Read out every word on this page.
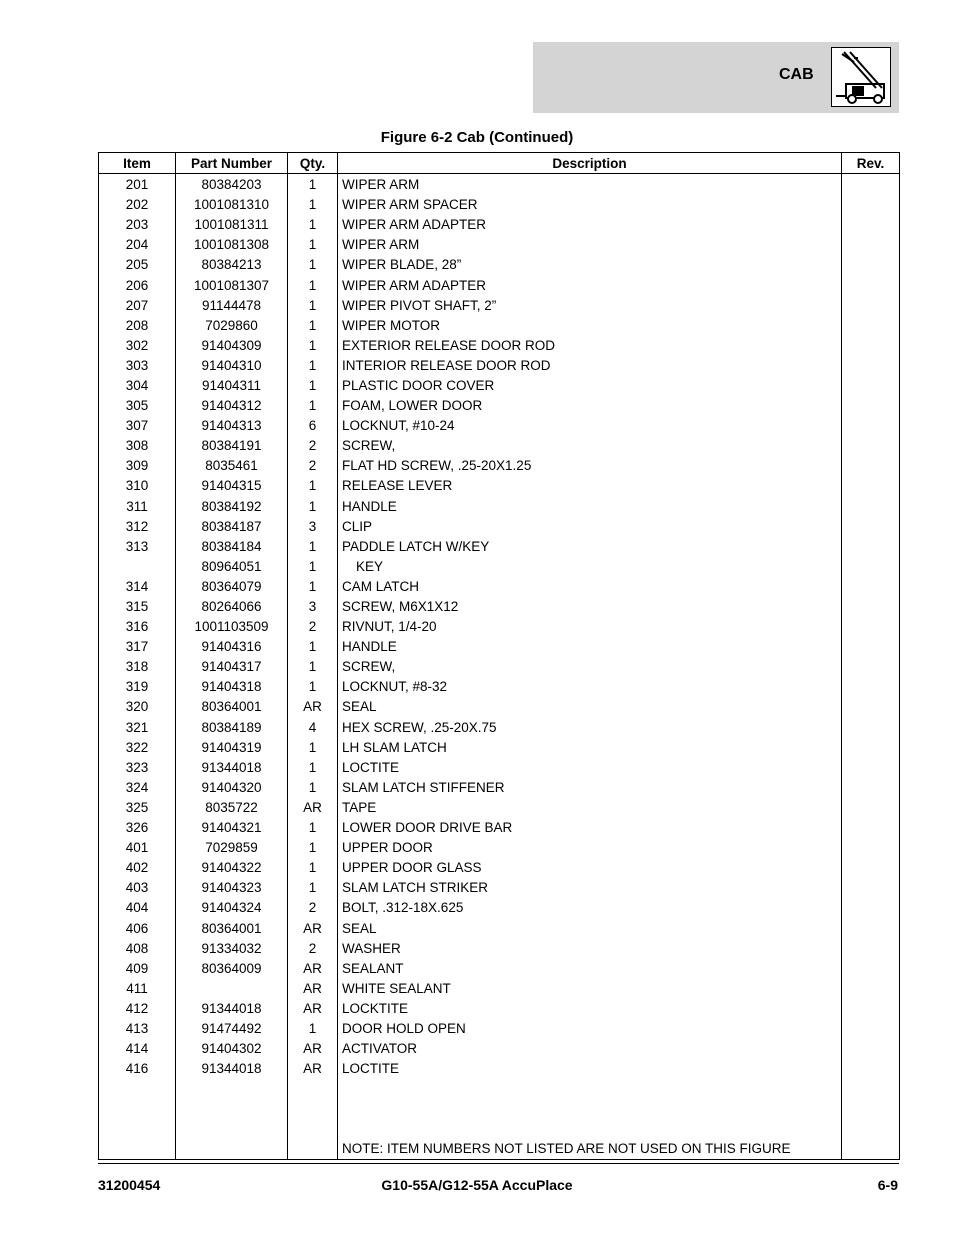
CAB
Figure 6-2 Cab (Continued)
Item	Part Number	Qty.	Description	Rev.
201	80384203	1	WIPER ARM	
202	1001081310	1	WIPER ARM SPACER	
203	1001081311	1	WIPER ARM ADAPTER	
204	1001081308	1	WIPER ARM	
205	80384213	1	WIPER BLADE, 28”	
206	1001081307	1	WIPER ARM ADAPTER	
207	91144478	1	WIPER PIVOT SHAFT, 2”	
208	7029860	1	WIPER MOTOR	
302	91404309	1	EXTERIOR RELEASE DOOR ROD	
303	91404310	1	INTERIOR RELEASE DOOR ROD	
304	91404311	1	PLASTIC DOOR COVER	
305	91404312	1	FOAM, LOWER DOOR	
307	91404313	6	LOCKNUT, #10-24	
308	80384191	2	SCREW,	
309	8035461	2	FLAT HD SCREW, .25-20X1.25	
310	91404315	1	RELEASE LEVER	
311	80384192	1	HANDLE	
312	80384187	3	CLIP	
313	80384184	1	PADDLE LATCH W/KEY	
	80964051	1	KEY	
314	80364079	1	CAM LATCH	
315	80264066	3	SCREW, M6X1X12	
316	1001103509	2	RIVNUT, 1/4-20	
317	91404316	1	HANDLE	
318	91404317	1	SCREW,	
319	91404318	1	LOCKNUT, #8-32	
320	80364001	AR	SEAL	
321	80384189	4	HEX SCREW, .25-20X.75	
322	91404319	1	LH SLAM LATCH	
323	91344018	1	LOCTITE	
324	91404320	1	SLAM LATCH STIFFENER	
325	8035722	AR	TAPE	
326	91404321	1	LOWER DOOR DRIVE BAR	
401	7029859	1	UPPER DOOR	
402	91404322	1	UPPER DOOR GLASS	
403	91404323	1	SLAM LATCH STRIKER	
404	91404324	2	BOLT, .312-18X.625	
406	80364001	AR	SEAL	
408	91334032	2	WASHER	
409	80364009	AR	SEALANT	
411		AR	WHITE SEALANT	
412	91344018	AR	LOCKTITE	
413	91474492	1	DOOR HOLD OPEN	
414	91404302	AR	ACTIVATOR	
416	91344018	AR	LOCTITE	

			NOTE: ITEM NUMBERS NOT LISTED ARE NOT USED ON THIS FIGURE	
31200454	G10-55A/G12-55A AccuPlace	6-9
